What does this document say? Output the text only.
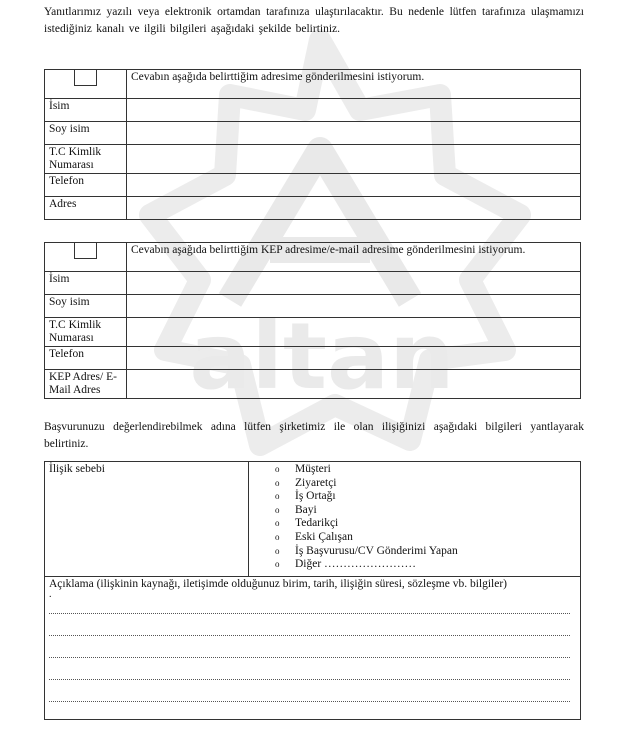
altan
Yanıtlarımız yazılı veya elektronik ortamdan tarafınıza ulaştırılacaktır. Bu nedenle lütfen tarafınıza ulaşmamızı istediğiniz kanalı ve ilgili bilgileri aşağıdaki şekilde belirtiniz.
	Cevabın aşağıda belirttiğim adresime gönderilmesini istiyorum.
İsim	
Soy isim	
T.C Kimlik Numarası	
Telefon	
Adres	
	Cevabın aşağıda belirttiğim KEP adresime/e-mail adresime gönderilmesini istiyorum.
İsim	
Soy isim	
T.C Kimlik Numarası	
Telefon	
KEP Adres/ E-Mail Adres	
Başvurunuzu değerlendirebilmek adına lütfen şirketimiz ile olan ilişiğinizi aşağıdaki bilgileri yantlayarak belirtiniz.
İlişik sebebi	o Müşteri
o Ziyaretçi
o İş Ortağı
o Bayi
o Tedarikçi
o Eski Çalışan
o İş Başvurusu/CV Gönderimi Yapan
o Diğer ……………………

Açıklama (ilişkinin kaynağı, iletişimde olduğunuz birim, tarih, ilişiğin süresi, sözleşme vb. bilgiler)
.
